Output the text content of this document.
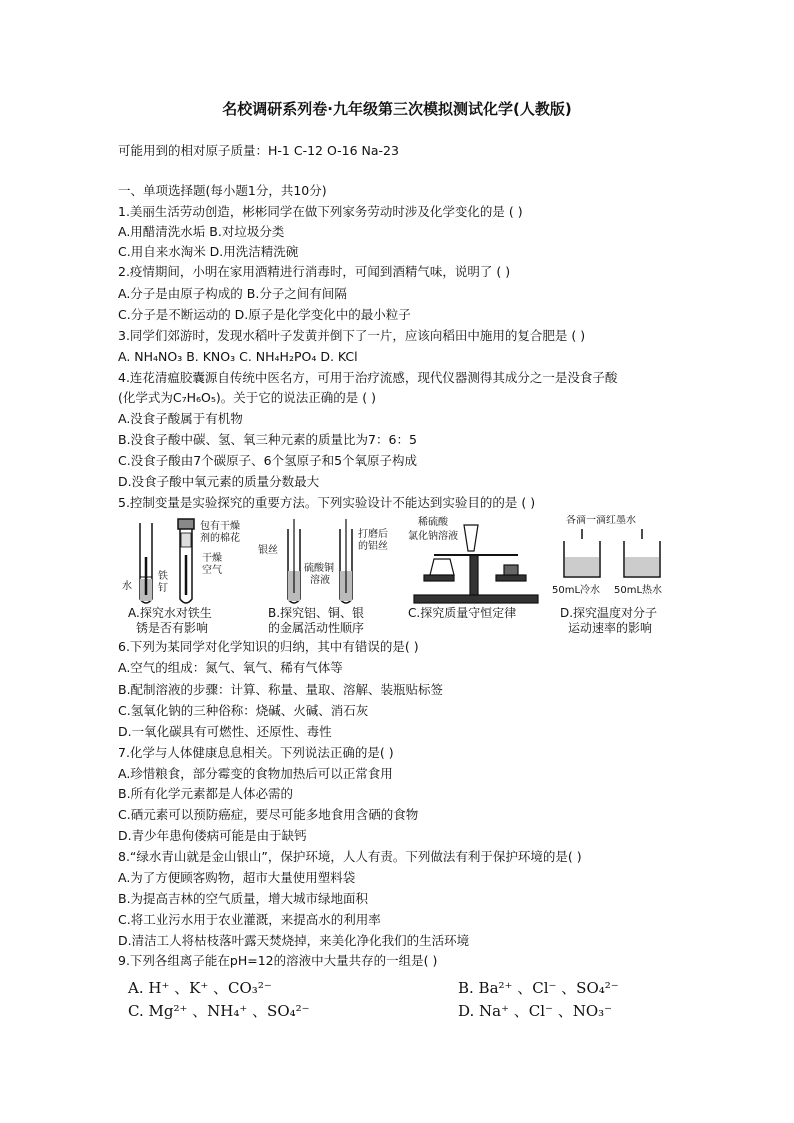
名校调研系列卷·九年级第三次模拟测试化学(人教版)
可能用到的相对原子质量：H-1 C-12 O-16 Na-23
一、单项选择题(每小题1分，共10分)
1.美丽生活劳动创造，彬彬同学在做下列家务劳动时涉及化学变化的是 ( )
A.用醋清洗水垢 B.对垃圾分类
C.用自来水淘米 D.用洗洁精洗碗
2.疫情期间，小明在家用酒精进行消毒时，可闻到酒精气味，说明了 ( )
A.分子是由原子构成的 B.分子之间有间隔
C.分子是不断运动的 D.原子是化学变化中的最小粒子
3.同学们郊游时，发现水稻叶子发黄并倒下了一片，应该向稻田中施用的复合肥是 ( )
A. NH₄NO₃ B. KNO₃ C. NH₄H₂PO₄ D. KCl
4.连花清瘟胶囊源自传统中医名方，可用于治疗流感，现代仪器测得其成分之一是没食子酸
(化学式为C₇H₆O₅)。关于它的说法正确的是 ( )
A.没食子酸属于有机物
B.没食子酸中碳、氢、氧三种元素的质量比为7：6：5
C.没食子酸由7个碳原子、6个氢原子和5个氧原子构成
D.没食子酸中氧元素的质量分数最大
5.控制变量是实验探究的重要方法。下列实验设计不能达到实验目的的是 ( )
包有干燥
剂的棉花
干燥
空气
水
铁
钉
A.探究水对铁生
锈是否有影响
银丝
打磨后
的铝丝
硫酸铜
溶液
B.探究铝、铜、银
的金属活动性顺序
稀硫酸
氯化钠溶液
C.探究质量守恒定律
各滴一滴红墨水
50mL冷水 50mL热水
D.探究温度对分子
运动速率的影响
6.下列为某同学对化学知识的归纳，其中有错误的是( )
A.空气的组成：氮气、氧气、稀有气体等
B.配制溶液的步骤：计算、称量、量取、溶解、装瓶贴标签
C.氢氧化钠的三种俗称：烧碱、火碱、消石灰
D.一氧化碳具有可燃性、还原性、毒性
7.化学与人体健康息息相关。下列说法正确的是( )
A.珍惜粮食，部分霉变的食物加热后可以正常食用
B.所有化学元素都是人体必需的
C.硒元素可以预防癌症，要尽可能多地食用含硒的食物
D.青少年患佝偻病可能是由于缺钙
8.“绿水青山就是金山银山”，保护环境，人人有责。下列做法有利于保护环境的是( )
A.为了方便顾客购物，超市大量使用塑料袋
B.为提高吉林的空气质量，增大城市绿地面积
C.将工业污水用于农业灌溉，来提高水的利用率
D.清洁工人将枯枝落叶露天焚烧掉，来美化净化我们的生活环境
9.下列各组离子能在pH=12的溶液中大量共存的一组是( )
A. H⁺ 、K⁺ 、CO₃²⁻	B. Ba²⁺ 、Cl⁻ 、SO₄²⁻
C. Mg²⁺ 、NH₄⁺ 、SO₄²⁻	D. Na⁺ 、Cl⁻ 、NO₃⁻
